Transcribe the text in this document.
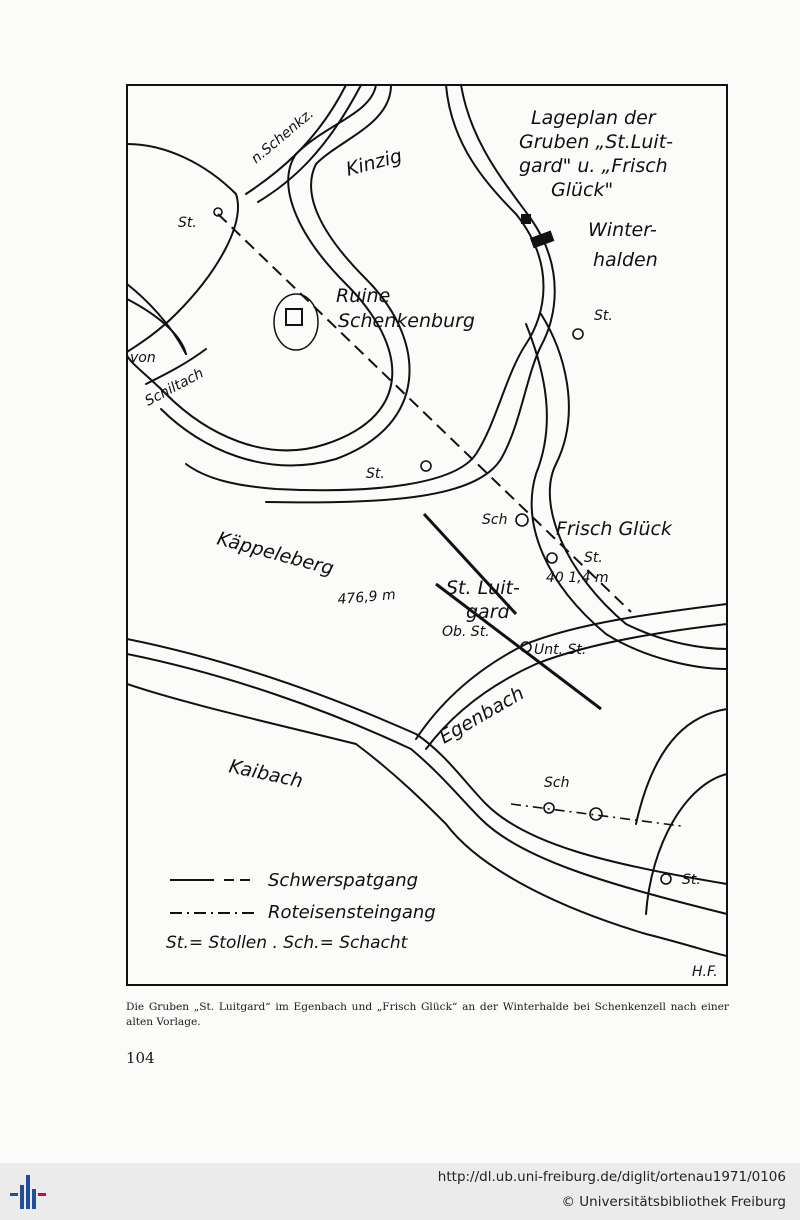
Lageplan der
Gruben „St.Luit-
gard" u. „Frisch
Glück"
Winter-
halden
Kinzig
Ruine
Schenkenburg
Käppeleberg	Frisch Glück
St. Luit-
gard
Kaibach
Egenbach
n.Schenkz.
von
Schiltach
476,9 m
40 1,4 m
Ob. St.
Unt. St.
Sch
Sch
St.
St.
St.
St.
St.
H.F.
Schwerspatgang
Roteisensteingang
St.= Stollen . Sch.= Schacht
Die Gruben „St. Luitgard“ im Egenbach und „Frisch Glück“ an der Winterhalde bei Schenkenzell nach einer alten Vorlage.
104
http://dl.ub.uni-freiburg.de/diglit/ortenau1971/0106
© Universitätsbibliothek Freiburg
